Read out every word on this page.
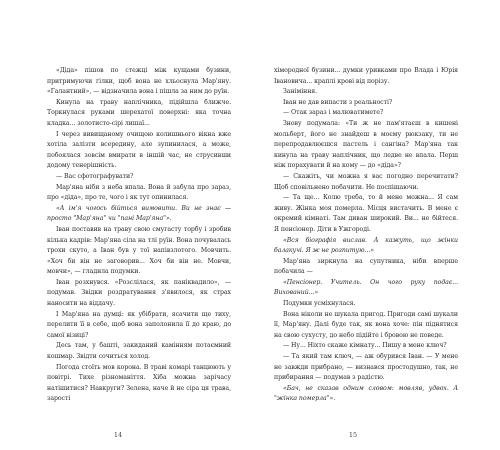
«Діда» пішов по стежці між кущами бузини, притримуючи гілки, щоб вона не хльоснула Мар'яну. «Галантний», — відзначила вона і пішла за ним до руїн.

Кинула на траву наплічника, підійшла ближче. Торкнулася руками шерехатої поверхні: яка точна кладка... золотисто-сірі лишаї...

І через вивищаному очищою колишнього вікна вже хотіла залізти всередину, але зупинилася, а може, побоялася зовсім вмирати в іншій час, не струсивши додому тенерішність.

— Вас сфотографувати?

Мар'яна ніби з неба впала. Вона й забула про зараз, про «діда», про те, чого і як тут опинилася.

«А ім'я чогось бійться вимовити. Ви не знає — просто "Мар'яна" чи "пані Мар'яна"».

Іван поставив на траву свою смугасту торбу і зробив кілька кадрів: Мар'яна сіла на тлі руїн. Вона почувалась трохи скуто, а Іван був у тої напівзлотого. Мовчить. «Хоч би він не заговорив... Хоч би він не. Мовчи, мовчи», — гладила подумки.

Іван розхнувся. «Розслілася, як паніквадило», — подумав. Звідки роздратування з'явилося, як страх наносити на віддачу.

І Мар'яна на думці: як убібрати, ясачити ще тиху, перелити її в себе, щоб вона заполонила її до краю, до самої візиці?

Десь там, у башті, закиданий камінням потаємний кошмар. Звідти сочиться холод.

Погода стоїть мов корона. В траві комарі танцюють у повітрі. Тихе різноманіття. Хіба можна зарічасу натішитися? Навкруги? Зелена, наче й не сіра ця трава, зарості

хімородної бузини... думки уривками про Влада і Юрія Івановича... краплі крові від порізу.

Заніміння.

Іван не дав випасти з реальності?

— Отак зараз і малюватимете?

Знову подумала: «Ти ж не пам'ятаєш в кишені мольберт, його не знайдеш в моєму рюкзаку, ти не перепродавлюєшся пастель і сангіна? Мар'яна так кинула на траву наплічник, що ледве не впала. Перш ніж порахувати й на кому — до «діда»?

— Скажіть, чи можна я вас погодно перечитати? Щоб сповільнено побачити. Не поспішаючи.

— Та ще... Колю треба, то й мене можна... Я сам живу. Жінка моя померла. Місця вистачить. В мене є окремий кімнаті. Там диван широкий. Ви... не бійтеся. Я пенсіонер. Діти в Ужгороді.

«Вся біографія вислав. А кажуть, що жінки балакучі. Я ж не розпитую...»

Мар'яна зиркнула на супутника, ніби вперше побачила —

«Пенсіонер. Учитель. Он чого руку подає... Вихований...»

Подумки усміхнулася.

Вона ніколи не шукала пригод. Пригоди самі шукали її, Мар'яну. Далі буде так, як вона хоче: пін піднятися на свою сухусту, до небо підійте і бровою не поведе.

— Ну... Ніхто скаже кімнату... Пишу в мене ключ?

— Та який там ключ, — аж обурився Іван. — У мене не завжди прибрано, — визнався простодушно, так, не прибирання — подумав з радістю.

«Бач, не сказав одним словом: мовляв, удвох. А "жінка померла"».

14	15
